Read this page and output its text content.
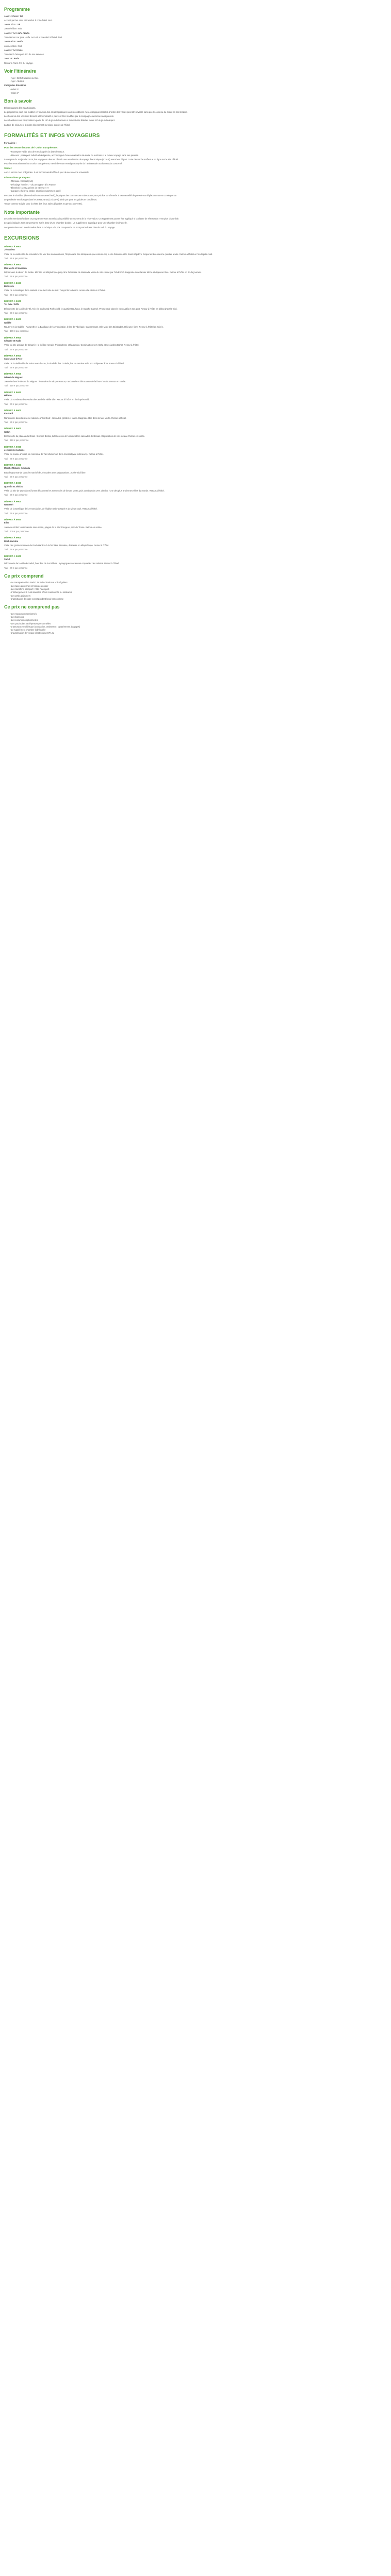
Programme

Jour 1 : Paris / Tel

Accueil par les amis et transfert à notre hôtel. Nuit.

Jours 2 à 4 : Tel

Journée libre. Nuit.

Jour 5 : Tel / Jaffa / Haïfa

Transfert en car pour Haïfa. Accueil et transfert à l'hôtel. Nuit.

Jours 6 à 8 : Haïfa

Journée libre. Nuit.

Jour 9 : Tel / Paris

Transfert à l'aéroport. Fin de nos services.

Jour 10 : Paris

Retour à Paris. Fin du voyage.

Voir l'itinéraire
• Age : Clefs Familiale ou Duo
• Age : Adultes

Catégories hôtelières

• Hôtel 3*
• Hôtel 4*
Bon à savoir

Départ garanti dès 2 participants.

Le programme peut être modifié en fonction des aléas logistiques ou des conditions météorologiques locales. L'ordre des visites peut être inversé sans que le contenu du circuit en soit modifié.

Les horaires des vols sont donnés à titre indicatif et peuvent être modifiés par la compagnie aérienne sans préavis.

Les chambres sont disponibles à partir de 15h le jour de l'arrivée et doivent être libérées avant 11h le jour du départ.

La taxe de séjour est à régler directement sur place auprès de l'hôtel.

FORMALITÉS ET INFOS VOYAGEURS

Formalités :

Pour les ressortissants de l'Union Européenne :
• Passeport valide plus de 6 mois après la date de retour.
• Mineurs : passeport individuel obligatoire, accompagné d'une autorisation de sortie du territoire si le mineur voyage sans ses parents.

À compter du 1er janvier 2025, les voyageurs devront obtenir une autorisation de voyage électronique (ETA-IL) avant leur départ. Cette démarche s'effectue en ligne sur le site officiel.

Pour les ressortissants hors Union Européenne, merci de vous renseigner auprès de l'ambassade ou du consulat concerné.

Santé :

Aucun vaccin n'est obligatoire. Il est recommandé d'être à jour de ses vaccins universels.

Informations pratiques :
• Monnaie : Shekel (ILS)
• Décalage horaire : +1h par rapport à la France
• Électricité : 220V, prises de type C et H
• Langues : hébreu, arabe, anglais couramment parlé

Pendant le Shabbat (du vendredi soir au samedi soir), la plupart des commerces et des transports publics sont fermés. Il est conseillé de prévoir vos déplacements en conséquence.

Le pourboire est d'usage dans les restaurants (10 à 15%) ainsi que pour les guides et chauffeurs.

Tenue correcte exigée pour la visite des lieux saints (épaules et genoux couverts).

Note importante

Les vols mentionnés dans ce programme sont soumis à disponibilité au moment de la réservation. Un supplément pourra être appliqué si la classe de réservation n'est plus disponible.

Les prix indiqués sont par personne sur la base d'une chambre double. Un supplément s'applique pour une chambre individuelle.

Les prestations non mentionnées dans la rubrique « le prix comprend » ne sont pas incluses dans le tarif du voyage.

EXCURSIONS
DÉPART À 8H00

Jérusalem

Visite de la vieille ville de Jérusalem : le Mur des Lamentations, l'Esplanade des Mosquées (vue extérieure), la Via Dolorosa et le Saint-Sépulcre. Déjeuner libre dans le quartier arabe. Retour à l'hôtel en fin d'après-midi.

Tarif : 89 € par personne

DÉPART À 8H00

Mer Morte et Massada

Départ vers le désert de Judée. Montée en téléphérique jusqu'à la forteresse de Massada, visite du site classé par l'UNESCO. Baignade dans la Mer Morte et déjeuner libre. Retour à l'hôtel en fin de journée.

Tarif : 99 € par personne

DÉPART À 8H30

Bethléem

Visite de la Basilique de la Nativité et de la Grotte du Lait. Temps libre dans le centre-ville. Retour à l'hôtel.

Tarif : 69 € par personne

DÉPART À 9H00

Tel Aviv / Jaffa

Découverte de la ville de Tel Aviv : le boulevard Rothschild, le quartier Bauhaus, le marché Carmel. Promenade dans le vieux Jaffa et son port. Retour à l'hôtel en début d'après-midi.

Tarif : 59 € par personne

DÉPART À 8H00

Galilée

Route vers la Galilée : Nazareth et la Basilique de l'Annonciation, le lac de Tibériade, Capharnaüm et le Mont des Béatitudes. Déjeuner libre. Retour à l'hôtel en soirée.

Tarif : 109 € par personne

DÉPART À 9H00

Césarée et Haïfa

Visite du site antique de Césarée : le théâtre romain, l'hippodrome et l'aqueduc. Continuation vers Haïfa et ses jardins Bahaï. Retour à l'hôtel.

Tarif : 79 € par personne

DÉPART À 8H00

Saint-Jean-d'Acre

Visite de la vieille ville de Saint-Jean-d'Acre, la citadelle des Croisés, les souterrains et le port. Déjeuner libre. Retour à l'hôtel.

Tarif : 69 € par personne

DÉPART À 9H00

Désert du Néguev

Journée dans le désert du Néguev : le cratère de Mitzpe Ramon, randonnée et découverte de la faune locale. Retour en soirée.

Tarif : 119 € par personne

DÉPART À 8H30

Hébron

Visite du Tombeau des Patriarches et de la vieille ville. Retour à l'hôtel en fin d'après-midi.

Tarif : 79 € par personne

DÉPART À 9H00

Ein Gedi

Randonnée dans la réserve naturelle d'Ein Gedi : cascades, grottes et faune. Baignade libre dans la Mer Morte. Retour à l'hôtel.

Tarif : 89 € par personne

DÉPART À 8H00

Golan

Découverte du plateau du Golan : le mont Bental, la forteresse de Nimrod et les cascades de Banias. Dégustation de vins locaux. Retour en soirée.

Tarif : 119 € par personne

DÉPART À 9H00

Jérusalem moderne

Visite du musée d'Israël, du mémorial de Yad Vashem et de la Knesset (vue extérieure). Retour à l'hôtel.

Tarif : 89 € par personne

DÉPART À 9H00

Marché Mahané Yehouda

Balade gourmande dans le marché de Jérusalem avec dégustations. Après-midi libre.

Tarif : 59 € par personne

DÉPART À 8H00

Qumrân et Jéricho

Visite du site de Qumrân où furent découverts les manuscrits de la Mer Morte, puis continuation vers Jéricho, l'une des plus anciennes villes du monde. Retour à l'hôtel.

Tarif : 99 € par personne

DÉPART À 9H00

Nazareth

Visite de la Basilique de l'Annonciation, de l'église Saint-Joseph et du vieux souk. Retour à l'hôtel.

Tarif : 69 € par personne

DÉPART À 8H30

Eilat

Journée à Eilat : observatoire sous-marin, plages de la Mer Rouge et parc de Timna. Retour en soirée.

Tarif : 139 € par personne

DÉPART À 9H00

Rosh Hanikra

Visite des grottes marines de Rosh Hanikra à la frontière libanaise, descente en téléphérique. Retour à l'hôtel.

Tarif : 69 € par personne

DÉPART À 9H00

Safed

Découverte de la ville de Safed, haut lieu de la Kabbale : synagogues anciennes et quartier des artistes. Retour à l'hôtel.

Tarif : 79 € par personne

Ce prix comprend
• Le transport aérien Paris / Tel Aviv / Paris sur vols réguliers
• Les taxes aériennes et frais de dossier
• Les transferts aéroport / hôtel / aéroport
• L'hébergement 9 nuits dans les hôtels mentionnés ou similaires
• Les petits déjeuners
• L'assistance de notre correspondant local francophone
Ce prix ne comprend pas
• Les repas non mentionnés
• Les boissons
• Les excursions optionnelles
• Les pourboires et dépenses personnelles
• L'assurance multirisque (annulation, assistance, rapatriement, bagages)
• Le supplément chambre individuelle
• L'autorisation de voyage électronique ETA-IL
